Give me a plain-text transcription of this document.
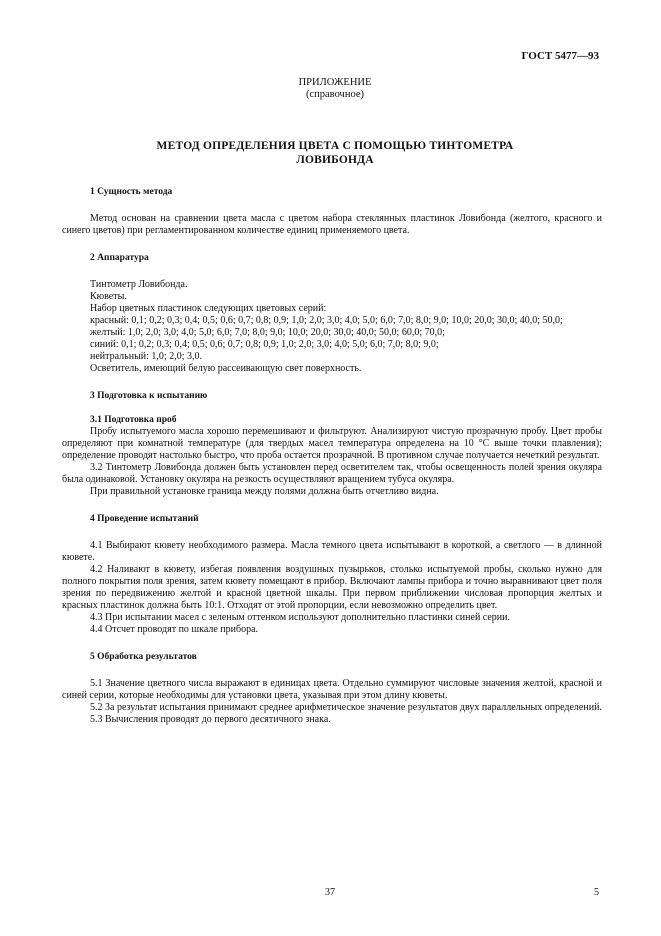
ГОСТ 5477—93
ПРИЛОЖЕНИЕ
(справочное)
МЕТОД ОПРЕДЕЛЕНИЯ ЦВЕТА С ПОМОЩЬЮ ТИНТОМЕТРА
ЛОВИБОНДА

1 Сущность метода

Метод основан на сравнении цвета масла с цветом набора стеклянных пластинок Ловибонда (желтого, красного и синего цветов) при регламентированном количестве единиц применяемого цвета.

2 Аппаратура

Тинтометр Ловибонда.

Кюветы.

Набор цветных пластинок следующих цветовых серий:

красный: 0,1; 0,2; 0,3; 0,4; 0,5; 0,6; 0,7; 0,8; 0,9; 1,0; 2,0; 3,0; 4,0; 5,0; 6,0; 7,0; 8,0; 9,0; 10,0; 20,0; 30,0; 40,0; 50,0;

желтый: 1,0; 2,0; 3,0; 4,0; 5,0; 6,0; 7,0; 8,0; 9,0; 10,0; 20,0; 30,0; 40,0; 50,0; 60,0; 70,0;

синий: 0,1; 0,2; 0,3; 0,4; 0,5; 0,6; 0,7; 0,8; 0,9; 1,0; 2,0; 3,0; 4,0; 5,0; 6,0; 7,0; 8,0; 9,0;

нейтральный: 1,0; 2,0; 3,0.

Осветитель, имеющий белую рассеивающую свет поверхность.

3 Подготовка к испытанию

3.1 Подготовка проб

Пробу испытуемого масла хорошо перемешивают и фильтруют. Анализируют чистую прозрачную пробу. Цвет пробы определяют при комнатной температуре (для твердых масел температура определена на 10 °С выше точки плавления); определение проводят настолько быстро, что проба остается прозрачной. В противном случае получается нечеткий результат.

3.2 Тинтометр Ловибонда должен быть установлен перед осветителем так, чтобы освещенность полей зрения окуляра была одинаковой. Установку окуляра на резкость осуществляют вращением тубуса окуляра.

При правильной установке граница между полями должна быть отчетливо видна.

4 Проведение испытаний

4.1 Выбирают кювету необходимого размера. Масла темного цвета испытывают в короткой, а светлого — в длинной кювете.

4.2 Наливают в кювету, избегая появления воздушных пузырьков, столько испытуемой пробы, сколько нужно для полного покрытия поля зрения, затем кювету помещают в прибор. Включают лампы прибора и точно выравнивают цвет поля зрения по передвижению желтой и красной цветной шкалы. При первом приближении числовая пропорция желтых и красных пластинок должна быть 10:1. Отходят от этой пропорции, если невозможно определить цвет.

4.3 При испытании масел с зеленым оттенком используют дополнительно пластинки синей серии.

4.4 Отсчет проводят по шкале прибора.

5 Обработка результатов

5.1 Значение цветного числа выражают в единицах цвета. Отдельно суммируют числовые значения желтой, красной и синей серии, которые необходимы для установки цвета, указывая при этом длину кюветы.

5.2 За результат испытания принимают среднее арифметическое значение результатов двух параллельных определений.

5.3 Вычисления проводят до первого десятичного знака.

37	5
